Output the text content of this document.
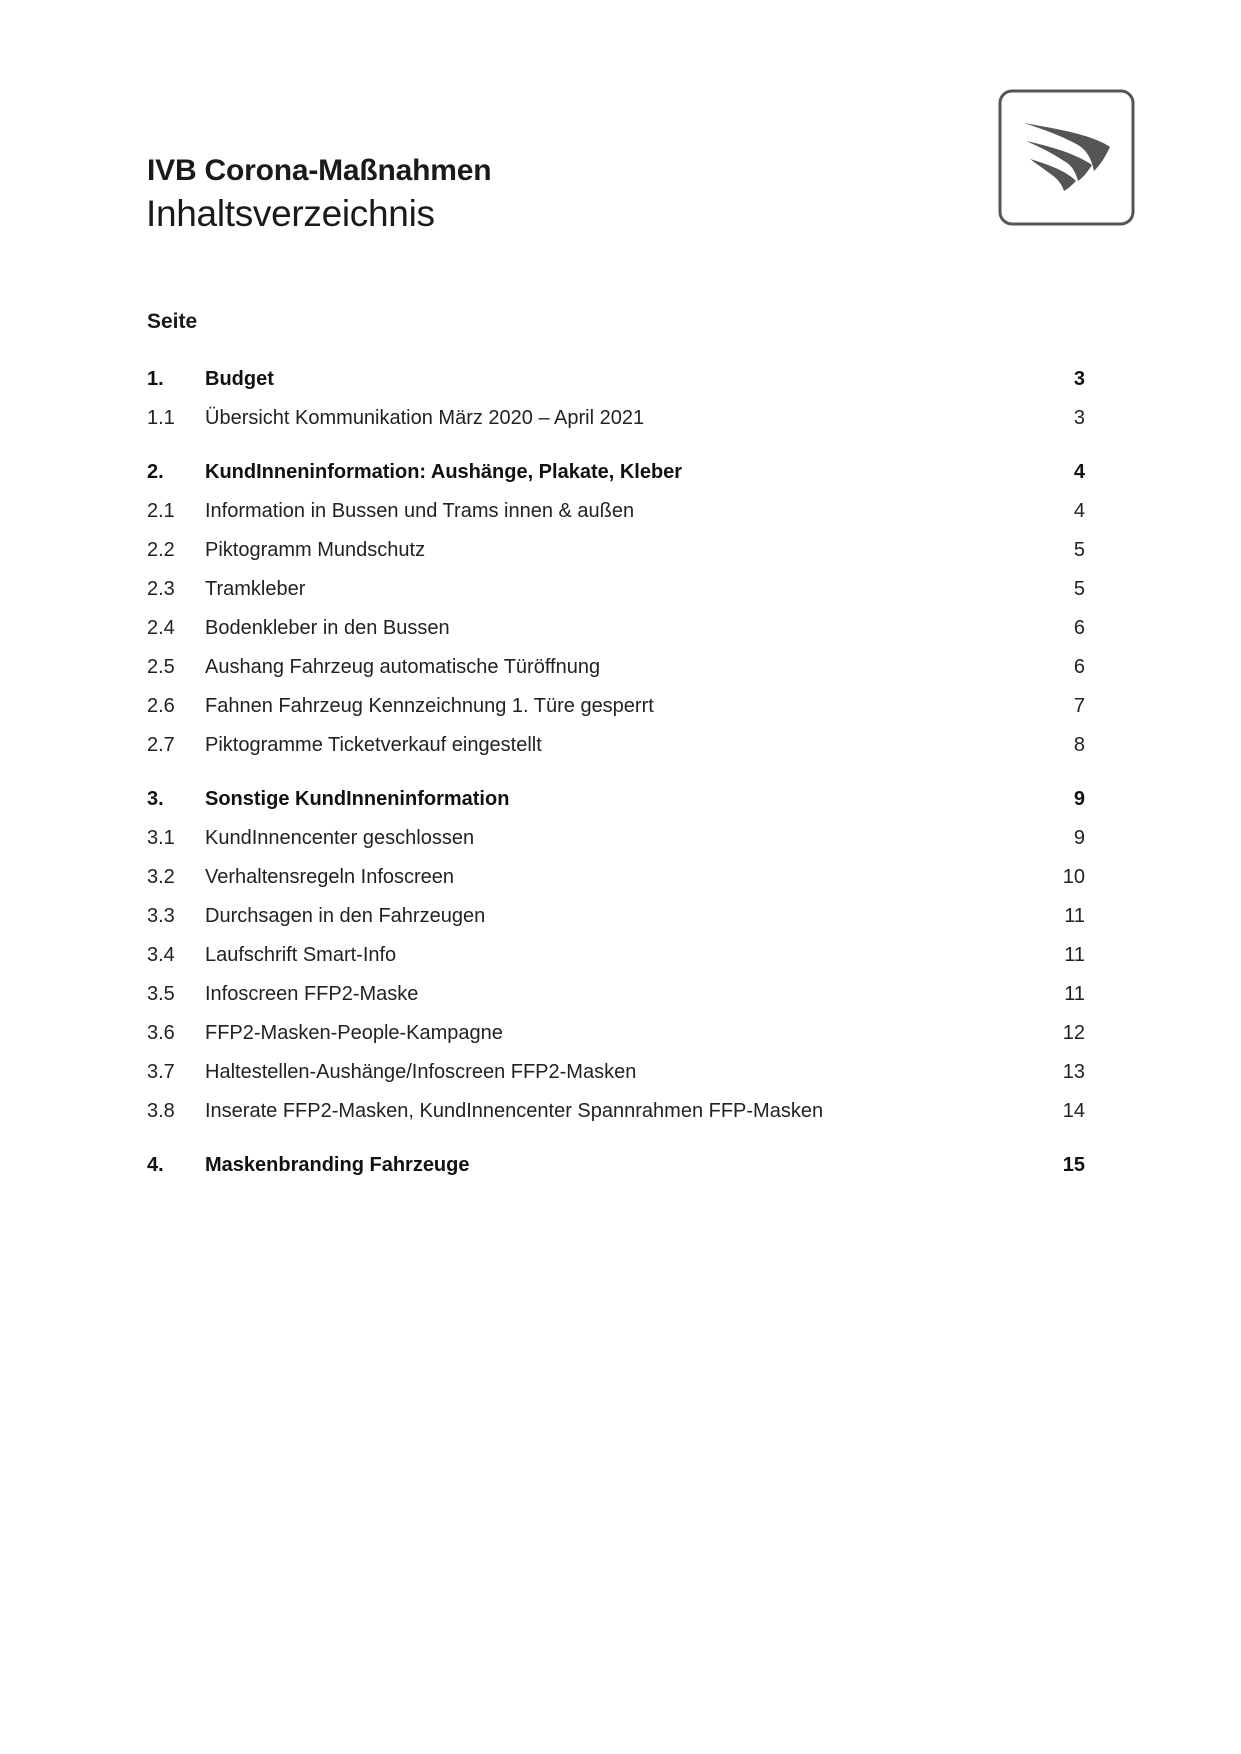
IVB Corona-Maßnahmen
Inhaltsverzeichnis
Seite
1.	Budget	3
1.1	Übersicht Kommunikation März 2020 – April 2021	3
2.	KundInneninformation: Aushänge, Plakate, Kleber	4
2.1	Information in Bussen und Trams innen & außen	4
2.2	Piktogramm Mundschutz	5
2.3	Tramkleber	5
2.4	Bodenkleber in den Bussen	6
2.5	Aushang Fahrzeug automatische Türöffnung	6
2.6	Fahnen Fahrzeug Kennzeichnung 1. Türe gesperrt	7
2.7	Piktogramme Ticketverkauf eingestellt	8
3.	Sonstige KundInneninformation	9
3.1	KundInnencenter geschlossen	9
3.2	Verhaltensregeln Infoscreen	10
3.3	Durchsagen in den Fahrzeugen	11
3.4	Laufschrift Smart-Info	11
3.5	Infoscreen FFP2-Maske	11
3.6	FFP2-Masken-People-Kampagne	12
3.7	Haltestellen-Aushänge/Infoscreen FFP2-Masken	13
3.8	Inserate FFP2-Masken, KundInnencenter Spannrahmen FFP-Masken	14
4.	Maskenbranding Fahrzeuge	15
